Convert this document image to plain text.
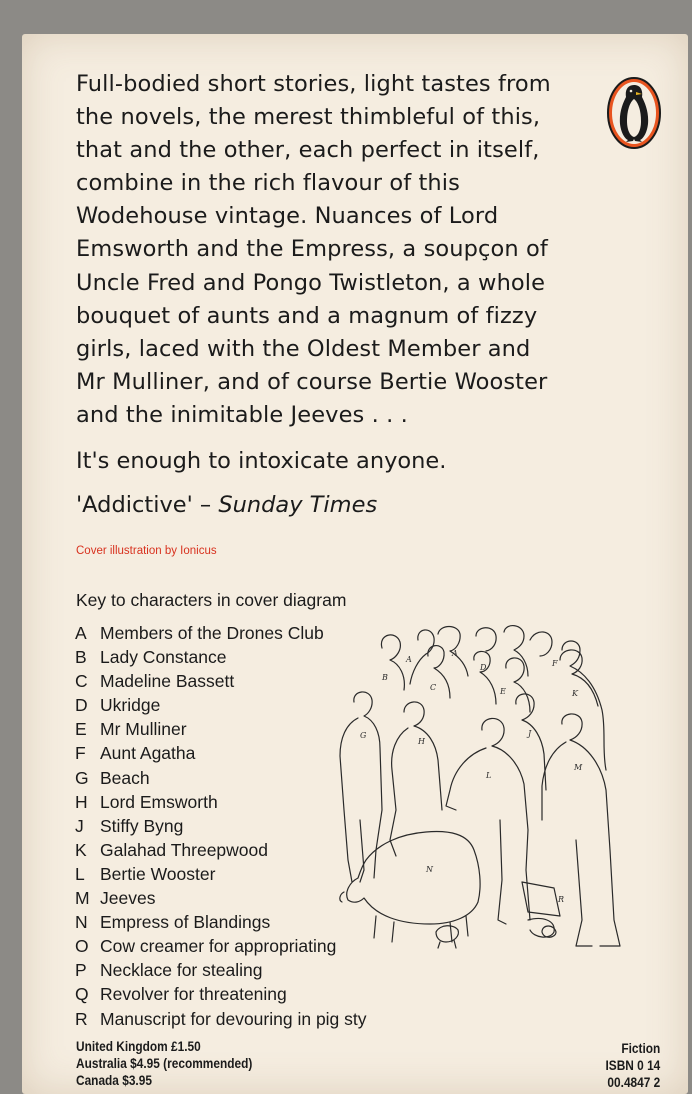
Full-bodied short stories, light tastes from
the novels, the merest thimbleful of this,
that and the other, each perfect in itself,
combine in the rich flavour of this
Wodehouse vintage. Nuances of Lord
Emsworth and the Empress, a soupçon of
Uncle Fred and Pongo Twistleton, a whole
bouquet of aunts and a magnum of fizzy
girls, laced with the Oldest Member and
Mr Mulliner, and of course Bertie Wooster
and the inimitable Jeeves . . .
It's enough to intoxicate anyone.
'Addictive' – Sunday Times
Cover illustration by Ionicus
Key to characters in cover diagram
A Members of the Drones Club
B Lady Constance
C Madeline Bassett
D Ukridge
E Mr Mulliner
F Aunt Agatha
G Beach
H Lord Emsworth
J Stiffy Byng
K Galahad Threepwood
L Bertie Wooster
M Jeeves
N Empress of Blandings
O Cow creamer for appropriating
P Necklace for stealing
Q Revolver for threatening
R Manuscript for devouring in pig sty
A
A
B
C
D
E
F
G
H
J
K
L
M
N
R
United Kingdom £1.50
Australia $4.95 (recommended)
Canada $3.95
Fiction
ISBN 0 14
00.4847 2
